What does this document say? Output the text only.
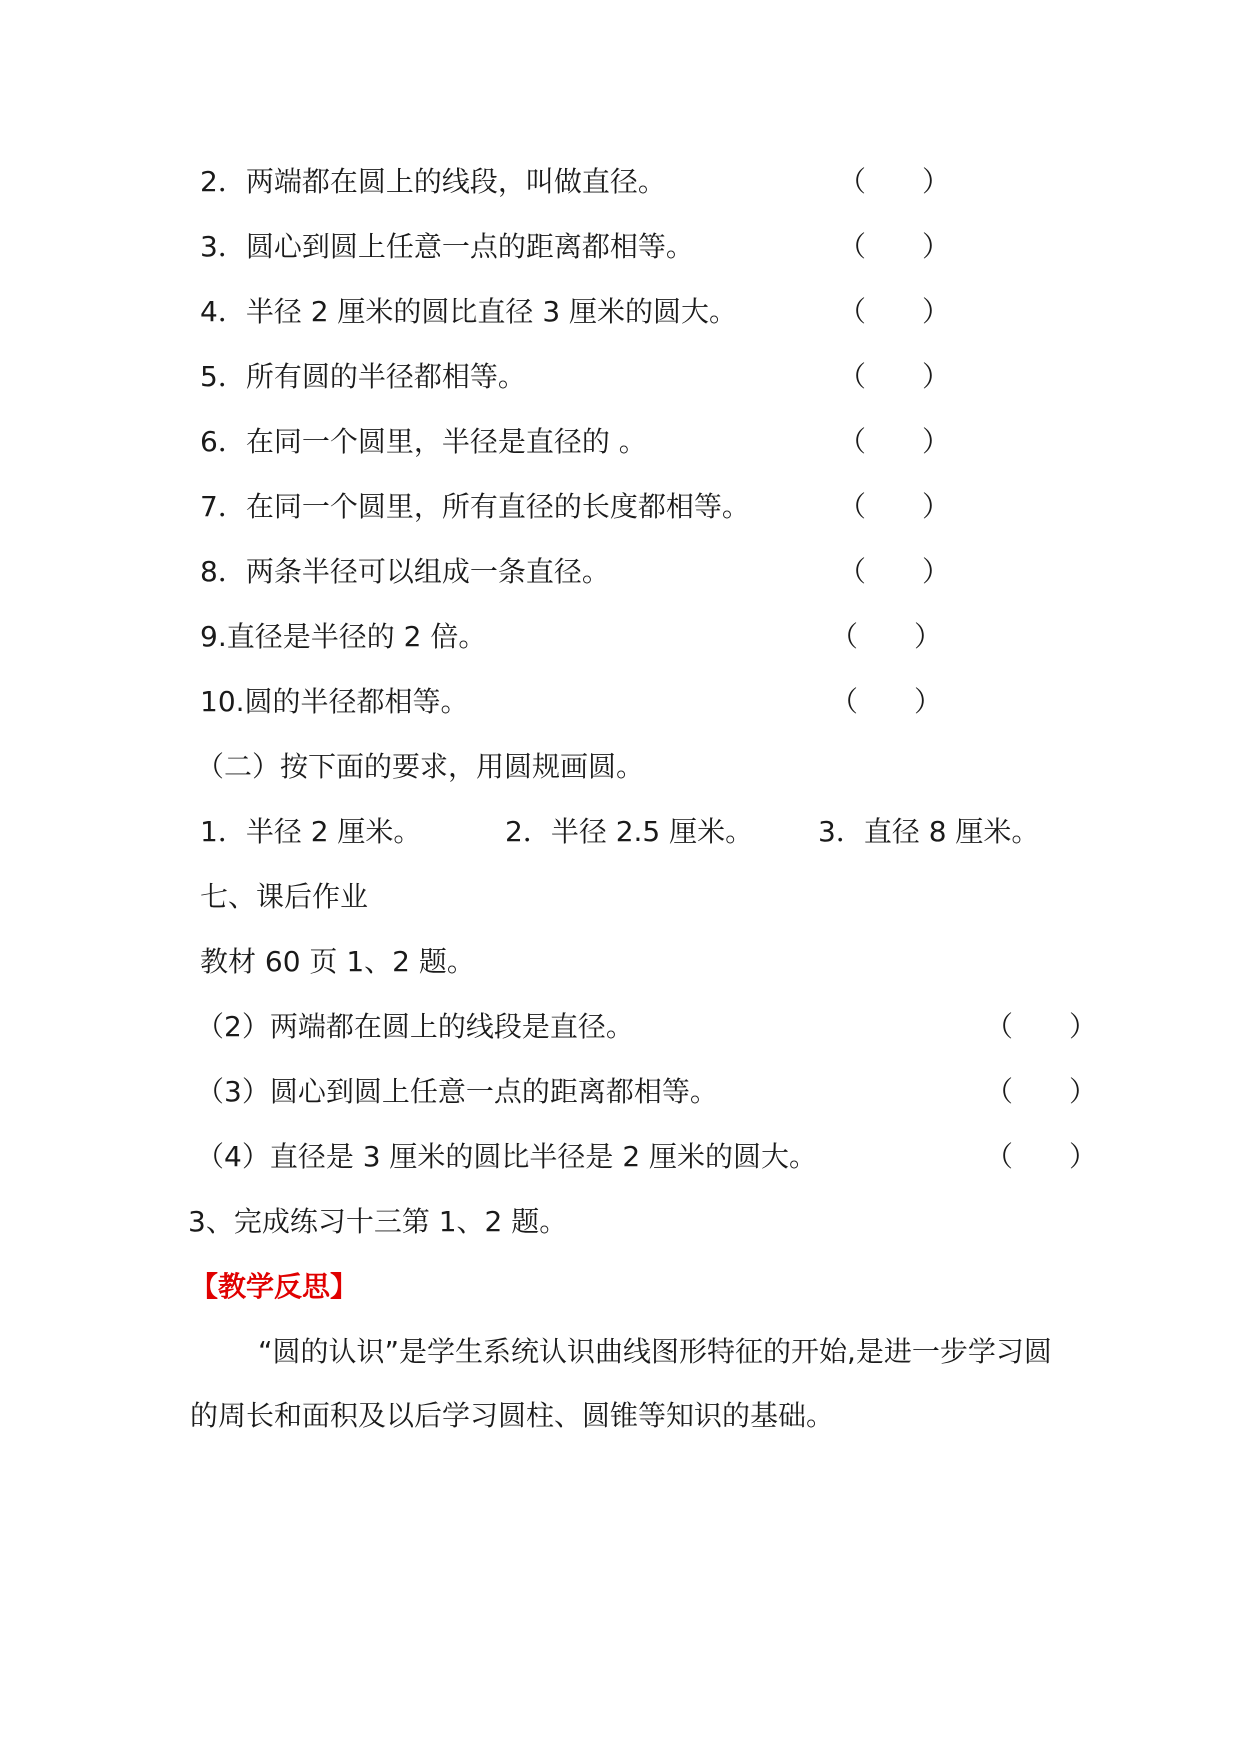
2．两端都在圆上的线段，叫做直径。	（　　）
3．圆心到圆上任意一点的距离都相等。	（　　）
4．半径 2 厘米的圆比直径 3 厘米的圆大。	（　　）
5．所有圆的半径都相等。	（　　）
6．在同一个圆里，半径是直径的 。	（　　）
7．在同一个圆里，所有直径的长度都相等。	（　　）
8．两条半径可以组成一条直径。	（　　）
9.直径是半径的 2 倍。	（　　）
10.圆的半径都相等。	（　　）
（二）按下面的要求，用圆规画圆。
1．半径 2 厘米。	2．半径 2.5 厘米。 3．直径 8 厘米。
七、课后作业
教材 60 页 1、2 题。
（2）两端都在圆上的线段是直径。	（　　）
（3）圆心到圆上任意一点的距离都相等。	（　　）
（4）直径是 3 厘米的圆比半径是 2 厘米的圆大。	（　　）
3、完成练习十三第 1、2 题。
【教学反思】
“圆的认识”是学生系统认识曲线图形特征的开始,是进一步学习圆的周长和面积及以后学习圆柱、圆锥等知识的基础。
